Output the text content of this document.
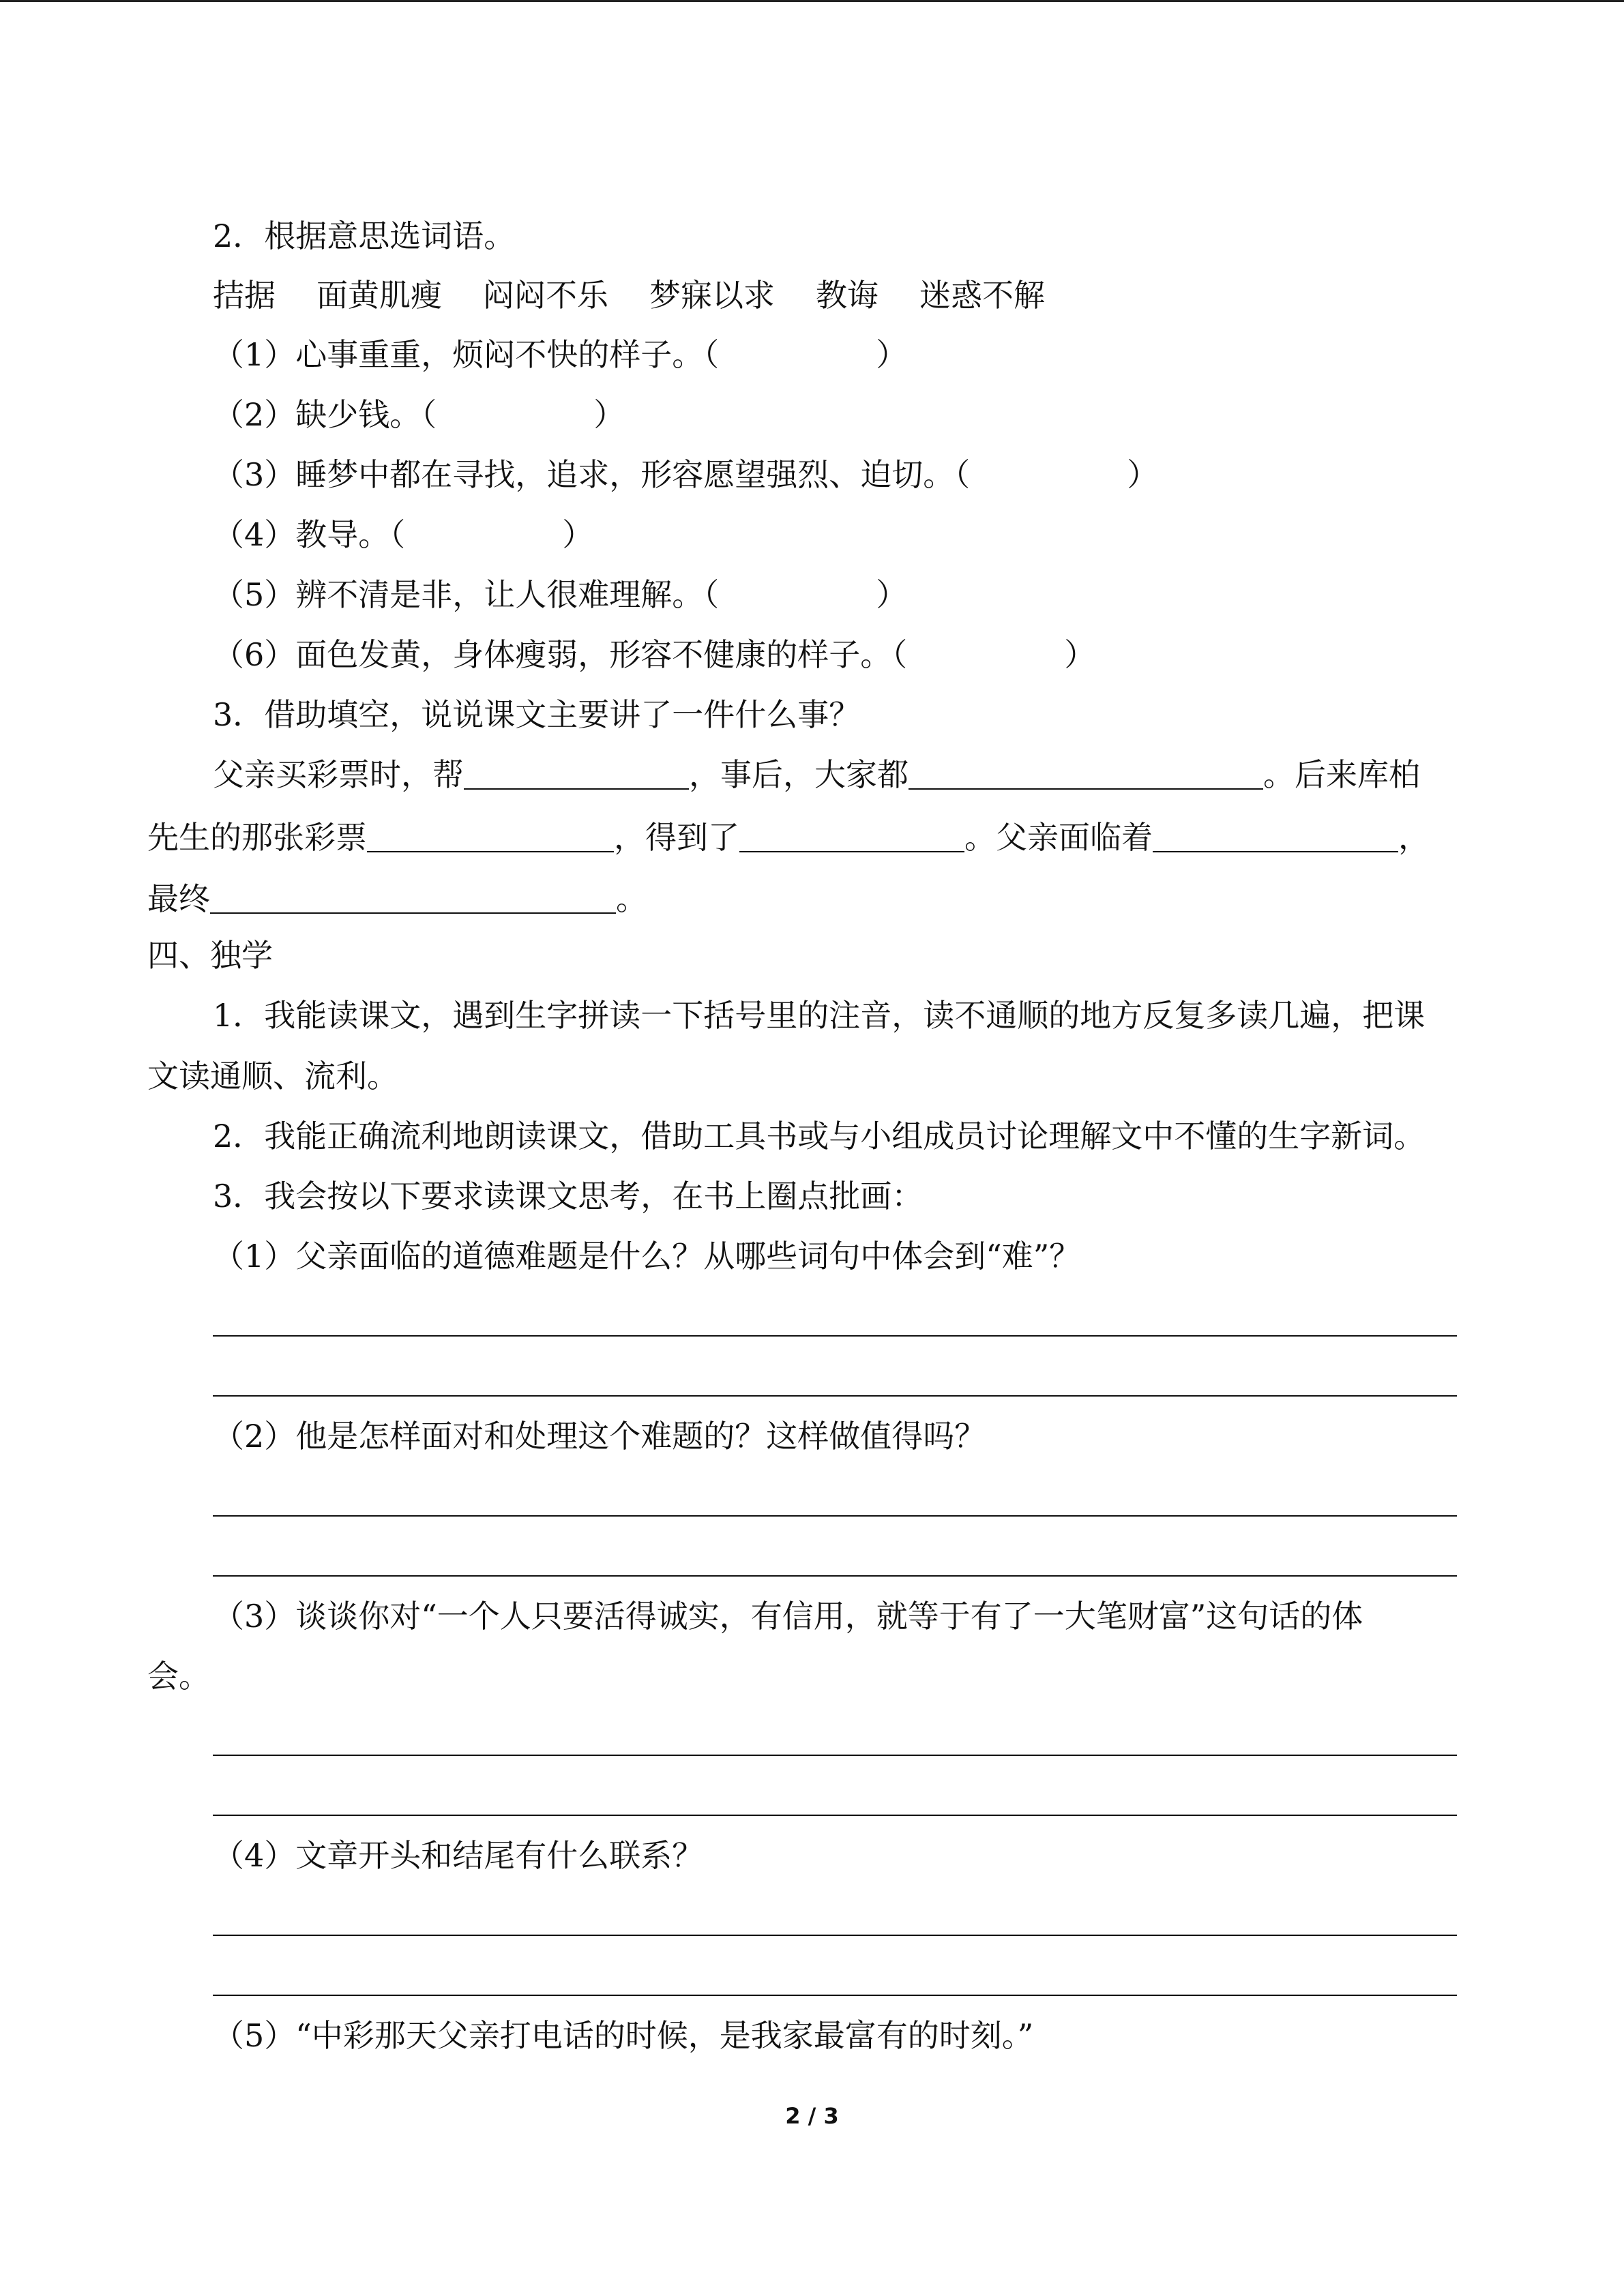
2．根据意思选词语。
拮据 面黄肌瘦 闷闷不乐 梦寐以求 教诲 迷惑不解
（1）心事重重，烦闷不快的样子。（	）
（2）缺少钱。（	）
（3）睡梦中都在寻找，追求，形容愿望强烈、迫切。（	）
（4）教导。（	）
（5）辨不清是非，让人很难理解。（	）
（6）面色发黄，身体瘦弱，形容不健康的样子。（	）
3．借助填空，说说课文主要讲了一件什么事？
父亲买彩票时，帮	，事后，大家都	。后来库柏
先生的那张彩票	，得到了	。父亲面临着	，
最终	。
四、独学
1．我能读课文，遇到生字拼读一下括号里的注音，读不通顺的地方反复多读几遍，把课
文读通顺、流利。
2．我能正确流利地朗读课文，借助工具书或与小组成员讨论理解文中不懂的生字新词。
3．我会按以下要求读课文思考，在书上圈点批画：
（1）父亲面临的道德难题是什么？从哪些词句中体会到“难”？
（2）他是怎样面对和处理这个难题的？这样做值得吗？
（3）谈谈你对“一个人只要活得诚实，有信用，就等于有了一大笔财富”这句话的体
会。
（4）文章开头和结尾有什么联系？
（5）“中彩那天父亲打电话的时候，是我家最富有的时刻。”
2 / 3
